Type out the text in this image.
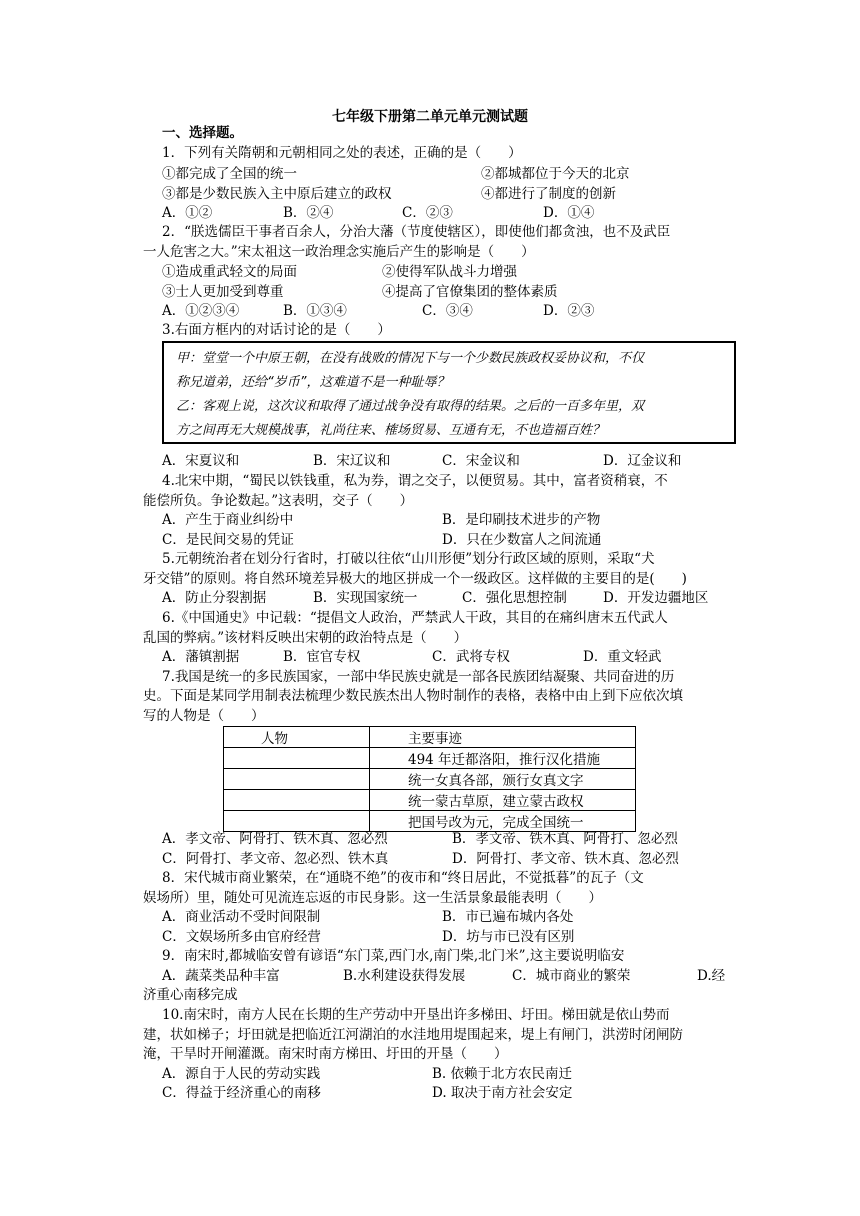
七年级下册第二单元单元测试题
一、选择题。
1．下列有关隋朝和元朝相同之处的表述，正确的是（　　）
①都完成了全国的统一	②都城都位于今天的北京
③都是少数民族入主中原后建立的政权	④都进行了制度的创新
A．①②	B．②④	C．②③	D．①④
2．“朕选儒臣干事者百余人，分治大藩（节度使辖区），即使他们都贪浊，也不及武臣
一人危害之大。”宋太祖这一政治理念实施后产生的影响是（　　）
①造成重武轻文的局面	②使得军队战斗力增强
③士人更加受到尊重	④提高了官僚集团的整体素质
A．①②③④	B．①③④	C．③④	D．②③
3.右面方框内的对话讨论的是（　　）
甲：堂堂一个中原王朝，在没有战败的情况下与一个少数民族政权妥协议和，不仅
称兄道弟，还给“岁币”，这难道不是一种耻辱？
乙：客观上说，这次议和取得了通过战争没有取得的结果。之后的一百多年里，双
方之间再无大规模战事，礼尚往来、榷场贸易、互通有无，不也造福百姓？
A．宋夏议和	B．宋辽议和	C．宋金议和	D．辽金议和
4.北宋中期，“蜀民以铁钱重，私为券，谓之交子，以便贸易。其中，富者资稍衰，不
能偿所负。争论数起。”这表明，交子（　　）
A．产生于商业纠纷中	B．是印刷技术进步的产物
C．是民间交易的凭证	D．只在少数富人之间流通
5.元朝统治者在划分行省时，打破以往依“山川形便”划分行政区域的原则，采取“犬
牙交错”的原则。将自然环境差异极大的地区拼成一个一级政区。这样做的主要目的是(　　)
A．防止分裂割据	B．实现国家统一	C．强化思想控制	D．开发边疆地区
6.《中国通史》中记载：“提倡文人政治，严禁武人干政，其目的在痛纠唐末五代武人
乱国的弊病。”该材料反映出宋朝的政治特点是（　　）
A．藩镇割据	B．宦官专权	C．武将专权	D．重文轻武
7.我国是统一的多民族国家，一部中华民族史就是一部各民族团结凝聚、共同奋进的历
史。下面是某同学用制表法梳理少数民族杰出人物时制作的表格，表格中由上到下应依次填
写的人物是（　　）
人物	主要事迹
	494 年迁都洛阳，推行汉化措施
	统一女真各部，颁行女真文字
	统一蒙古草原，建立蒙古政权
	把国号改为元，完成全国统一
A．孝文帝、阿骨打、铁木真、忽必烈	B．孝文帝、铁木真、阿骨打、忽必烈
C．阿骨打、孝文帝、忽必烈、铁木真	D．阿骨打、孝文帝、铁木真、忽必烈
8．宋代城市商业繁荣，在“通晓不绝”的夜市和“终日居此，不觉抵暮”的瓦子（文
娱场所）里，随处可见流连忘返的市民身影。这一生活景象最能表明（　　）
A．商业活动不受时间限制	B．市已遍布城内各处
C．文娱场所多由官府经营	D．坊与市已没有区别
9．南宋时,都城临安曾有谚语“东门菜,西门水,南门柴,北门米”,这主要说明临安
A．蔬菜类品种丰富	B.水利建设获得发展	C．城市商业的繁荣	D.经
济重心南移完成
10.南宋时，南方人民在长期的生产劳动中开垦出许多梯田、圩田。梯田就是依山势而
建，状如梯子；圩田就是把临近江河湖泊的水洼地用堤围起来，堤上有闸门，洪涝时闭闸防
淹，干旱时开闸灌溉。南宋时南方梯田、圩田的开垦（　　）
A．源自于人民的劳动实践	B. 依赖于北方农民南迁
C．得益于经济重心的南移	D. 取决于南方社会安定
